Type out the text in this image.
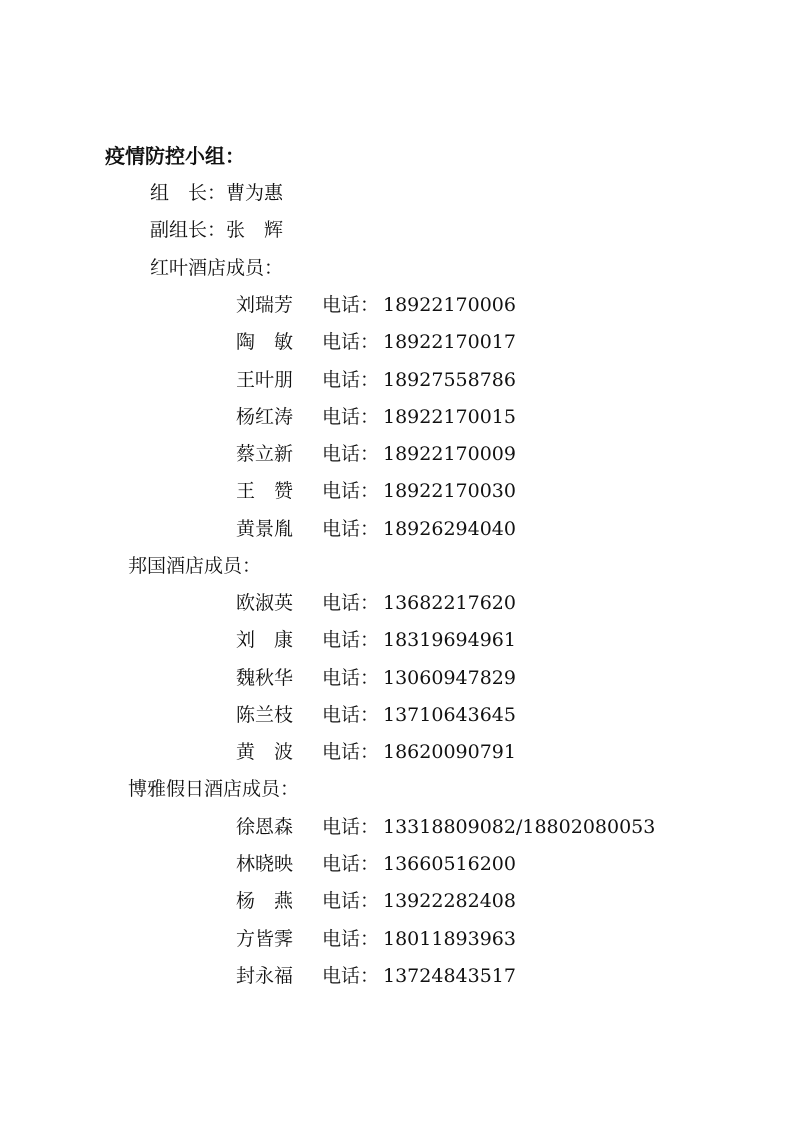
疫情防控小组：
组　长：曹为惠
副组长：张　辉
红叶酒店成员：
刘瑞芳 电话： 18922170006
陶　敏 电话： 18922170017
王叶朋 电话： 18927558786
杨红涛 电话： 18922170015
蔡立新 电话： 18922170009
王　赞 电话： 18922170030
黄景胤 电话： 18926294040
邦国酒店成员：
欧淑英 电话： 13682217620
刘　康 电话： 18319694961
魏秋华 电话： 13060947829
陈兰枝 电话： 13710643645
黄　波 电话： 18620090791
博雅假日酒店成员：
徐恩森 电话： 13318809082/18802080053
林晓映 电话： 13660516200
杨　燕 电话： 13922282408
方皆霁 电话： 18011893963
封永福 电话： 13724843517
